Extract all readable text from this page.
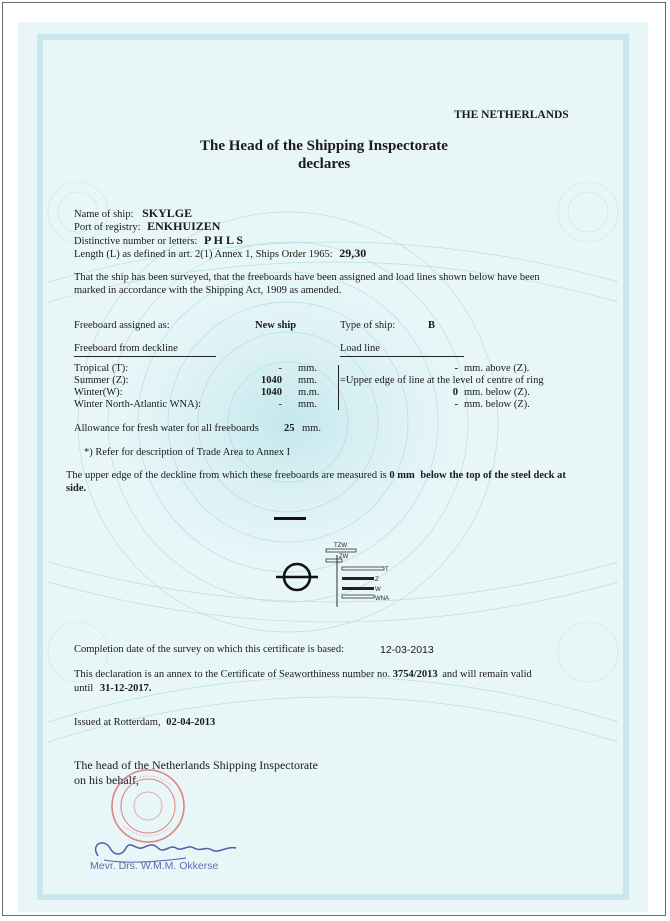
THE NETHERLANDS
The Head of the Shipping Inspectorate
declares
Name of ship: SKYLGE
Port of registry: ENKHUIZEN
Distinctive number or letters: P H L S
Length (L) as defined in art. 2(1) Annex 1, Ships Order 1965: 29,30
That the ship has been surveyed, that the freeboards have been assigned and load lines shown below have been
marked in accordance with the Shipping Act, 1909 as amended.
Freeboard assigned as:	New ship	Type of ship:	B
Freeboard from deckline	Load line
Tropical (T):	- mm.	- mm. above (Z).
Summer (Z):	1040 mm. =Upper edge of line at the level of centre of ring
Winter(W):	1040 m.m.	0 mm. below (Z).
Winter North-Atlantic WNA):	- mm.	- mm. below (Z).
Allowance for fresh water for all freeboards 25 mm.
*) Refer for description of Trade Area to Annex I
The upper edge of the deckline from which these freeboards are measured is 0 mm below the top of the steel deck at
side.
TZW
ZW
T
Z
W
WNA
Completion date of the survey on which this certificate is based:	12-03-2013
This declaration is an annex to the Certificate of Seaworthiness number no. 3754/2013 and will remain valid
until 31-12-2017.
Issued at Rotterdam, 02-04-2013
The head of the Netherlands Shipping Inspectorate
on his behalf,
Mevr. Drs. W.M.M. Okkerse
